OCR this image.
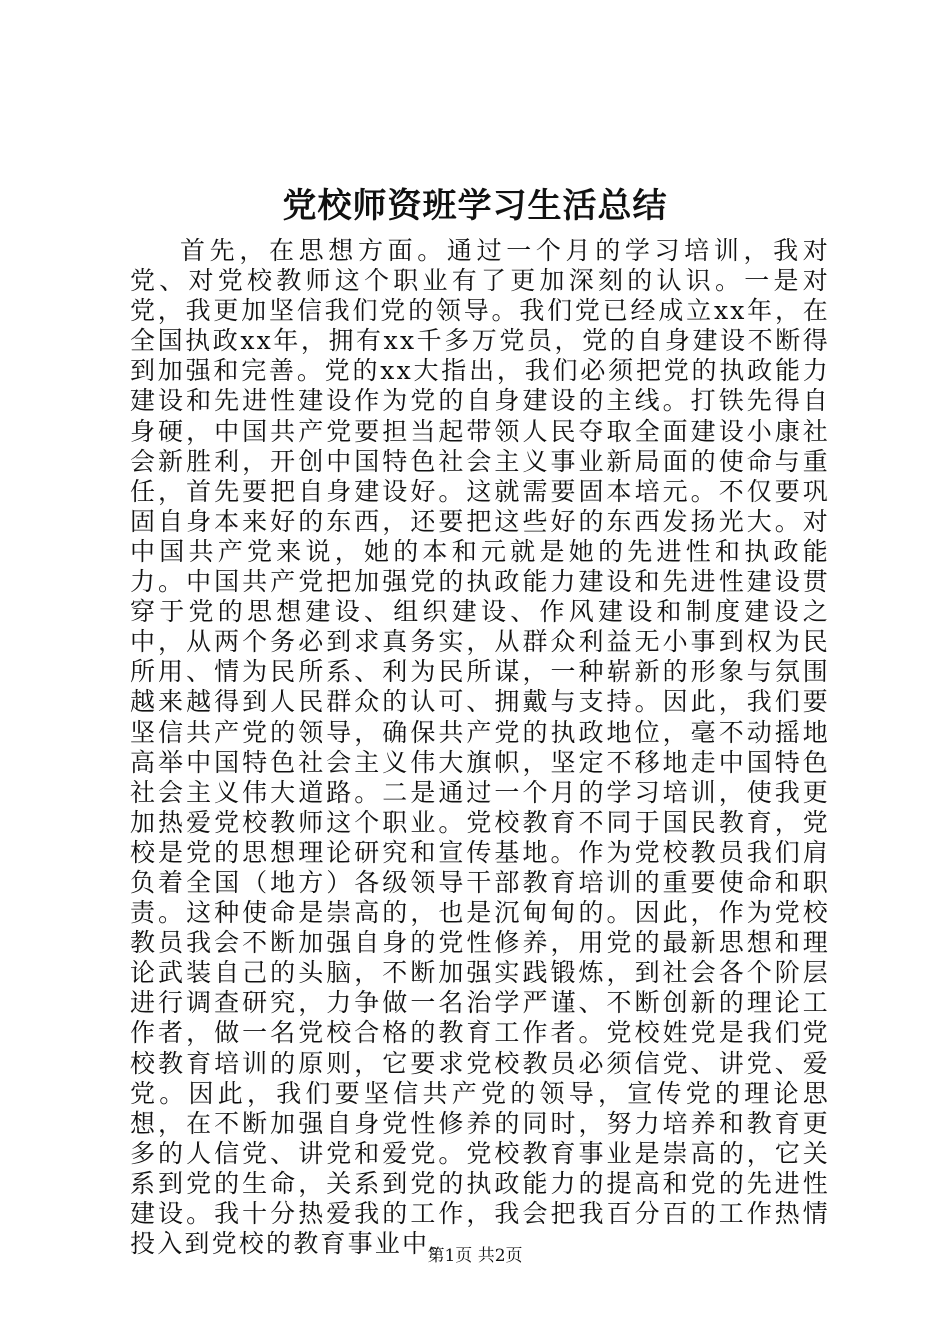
党校师资班学习生活总结

首先，在思想方面。通过一个月的学习培训，我对党、对党校教师这个职业有了更加深刻的认识。一是对党，我更加坚信我们党的领导。我们党已经成立xx年，在全国执政xx年，拥有xx千多万党员，党的自身建设不断得到加强和完善。党的xx大指出，我们必须把党的执政能力建设和先进性建设作为党的自身建设的主线。打铁先得自身硬，中国共产党要担当起带领人民夺取全面建设小康社会新胜利，开创中国特色社会主义事业新局面的使命与重任，首先要把自身建设好。这就需要固本培元。不仅要巩固自身本来好的东西，还要把这些好的东西发扬光大。对中国共产党来说，她的本和元就是她的先进性和执政能力。中国共产党把加强党的执政能力建设和先进性建设贯穿于党的思想建设、组织建设、作风建设和制度建设之中，从两个务必到求真务实，从群众利益无小事到权为民所用、情为民所系、利为民所谋，一种崭新的形象与氛围越来越得到人民群众的认可、拥戴与支持。因此，我们要坚信共产党的领导，确保共产党的执政地位，毫不动摇地高举中国特色社会主义伟大旗帜，坚定不移地走中国特色社会主义伟大道路。二是通过一个月的学习培训，使我更加热爱党校教师这个职业。党校教育不同于国民教育，党校是党的思想理论研究和宣传基地。作为党校教员我们肩负着全国（地方）各级领导干部教育培训的重要使命和职责。这种使命是崇高的，也是沉甸甸的。因此，作为党校教员我会不断加强自身的党性修养，用党的最新思想和理论武装自己的头脑，不断加强实践锻炼，到社会各个阶层进行调查研究，力争做一名治学严谨、不断创新的理论工作者，做一名党校合格的教育工作者。党校姓党是我们党校教育培训的原则，它要求党校教员必须信党、讲党、爱党。因此，我们要坚信共产党的领导，宣传党的理论思想，在不断加强自身党性修养的同时，努力培养和教育更多的人信党、讲党和爱党。党校教育事业是崇高的，它关系到党的生命，关系到党的执政能力的提高和党的先进性建设。我十分热爱我的工作，我会把我百分百的工作热情投入到党校的教育事业中。

第1页 共2页
